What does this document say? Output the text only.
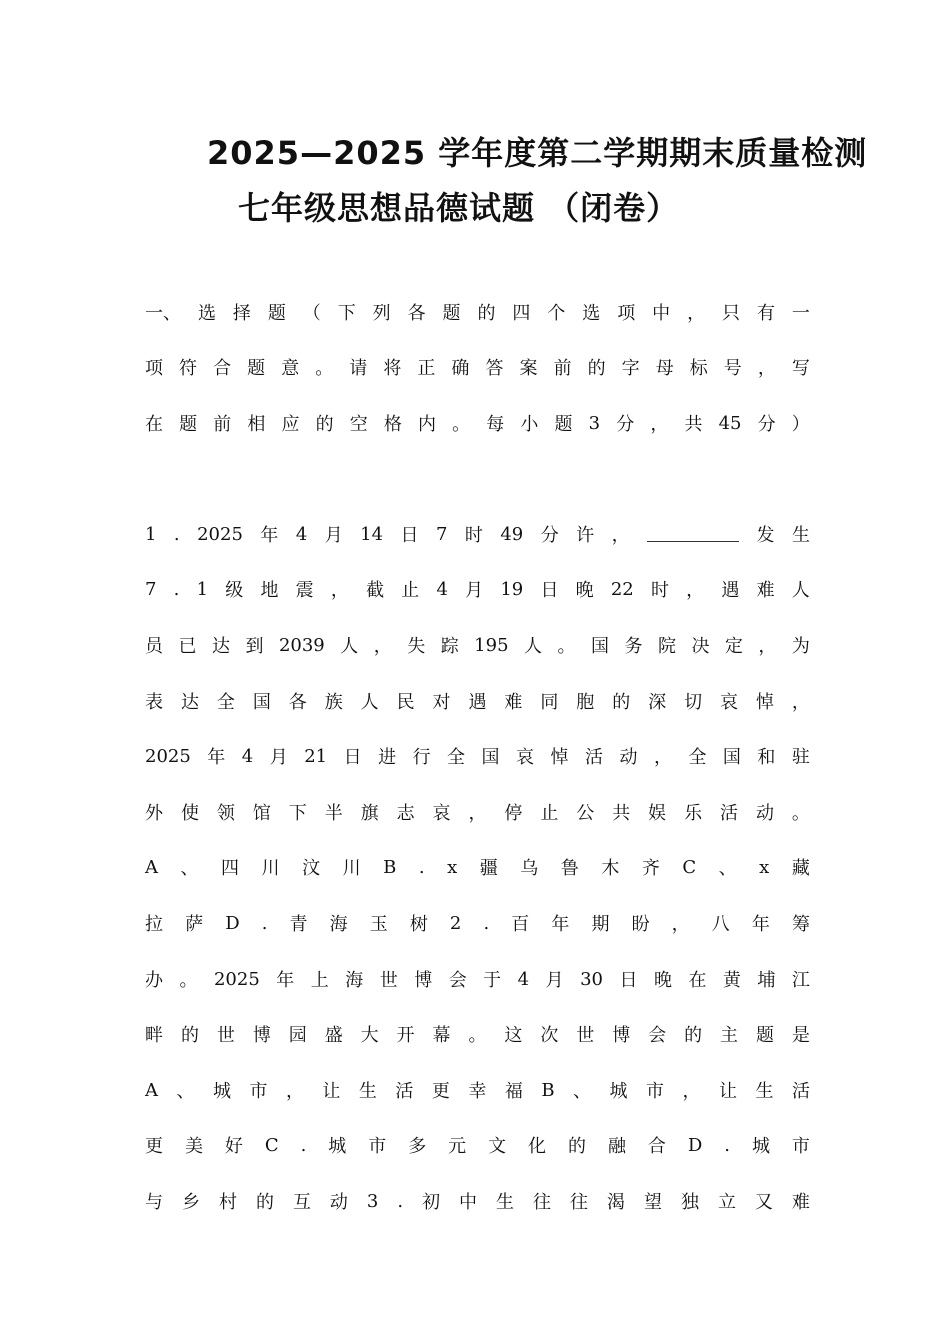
2025—2025 学年度第二学期期末质量检测
七年级思想品德试题 （闭卷）
一、 选 择 题 （ 下 列 各 题 的 四 个 选 项 中 ， 只 有 一
项 符 合 题 意 。 请 将 正 确 答 案 前 的 字 母 标 号 ， 写
在 题 前 相 应 的 空 格 内 。 每 小 题 3 分 ， 共 45 分 ）
1 . 2025 年 4 月 14 日 7 时 49 分 许 ，	发 生
7 . 1 级 地 震 ， 截 止 4 月 19 日 晚 22 时 ， 遇 难 人
员 已 达 到 2039 人 ， 失 踪 195 人 。 国 务 院 决 定 ， 为
表 达 全 国 各 族 人 民 对 遇 难 同 胞 的 深 切 哀 悼 ，
2025 年 4 月 21 日 进 行 全 国 哀 悼 活 动 ， 全 国 和 驻
外 使 领 馆 下 半 旗 志 哀 ， 停 止 公 共 娱 乐 活 动 。
A 、 四 川 汶 川 B . x 疆 乌 鲁 木 齐 C 、 x 藏
拉 萨 D . 青 海 玉 树 2 . 百 年 期 盼 ， 八 年 筹
办 。 2025 年 上 海 世 博 会 于 4 月 30 日 晚 在 黄 埔 江
畔 的 世 博 园 盛 大 开 幕 。 这 次 世 博 会 的 主 题 是
A 、 城 市 ， 让 生 活 更 幸 福 B 、 城 市 ， 让 生 活
更 美 好 C . 城 市 多 元 文 化 的 融 合 D . 城 市
与 乡 村 的 互 动 3 . 初 中 生 往 往 渴 望 独 立 又 难
